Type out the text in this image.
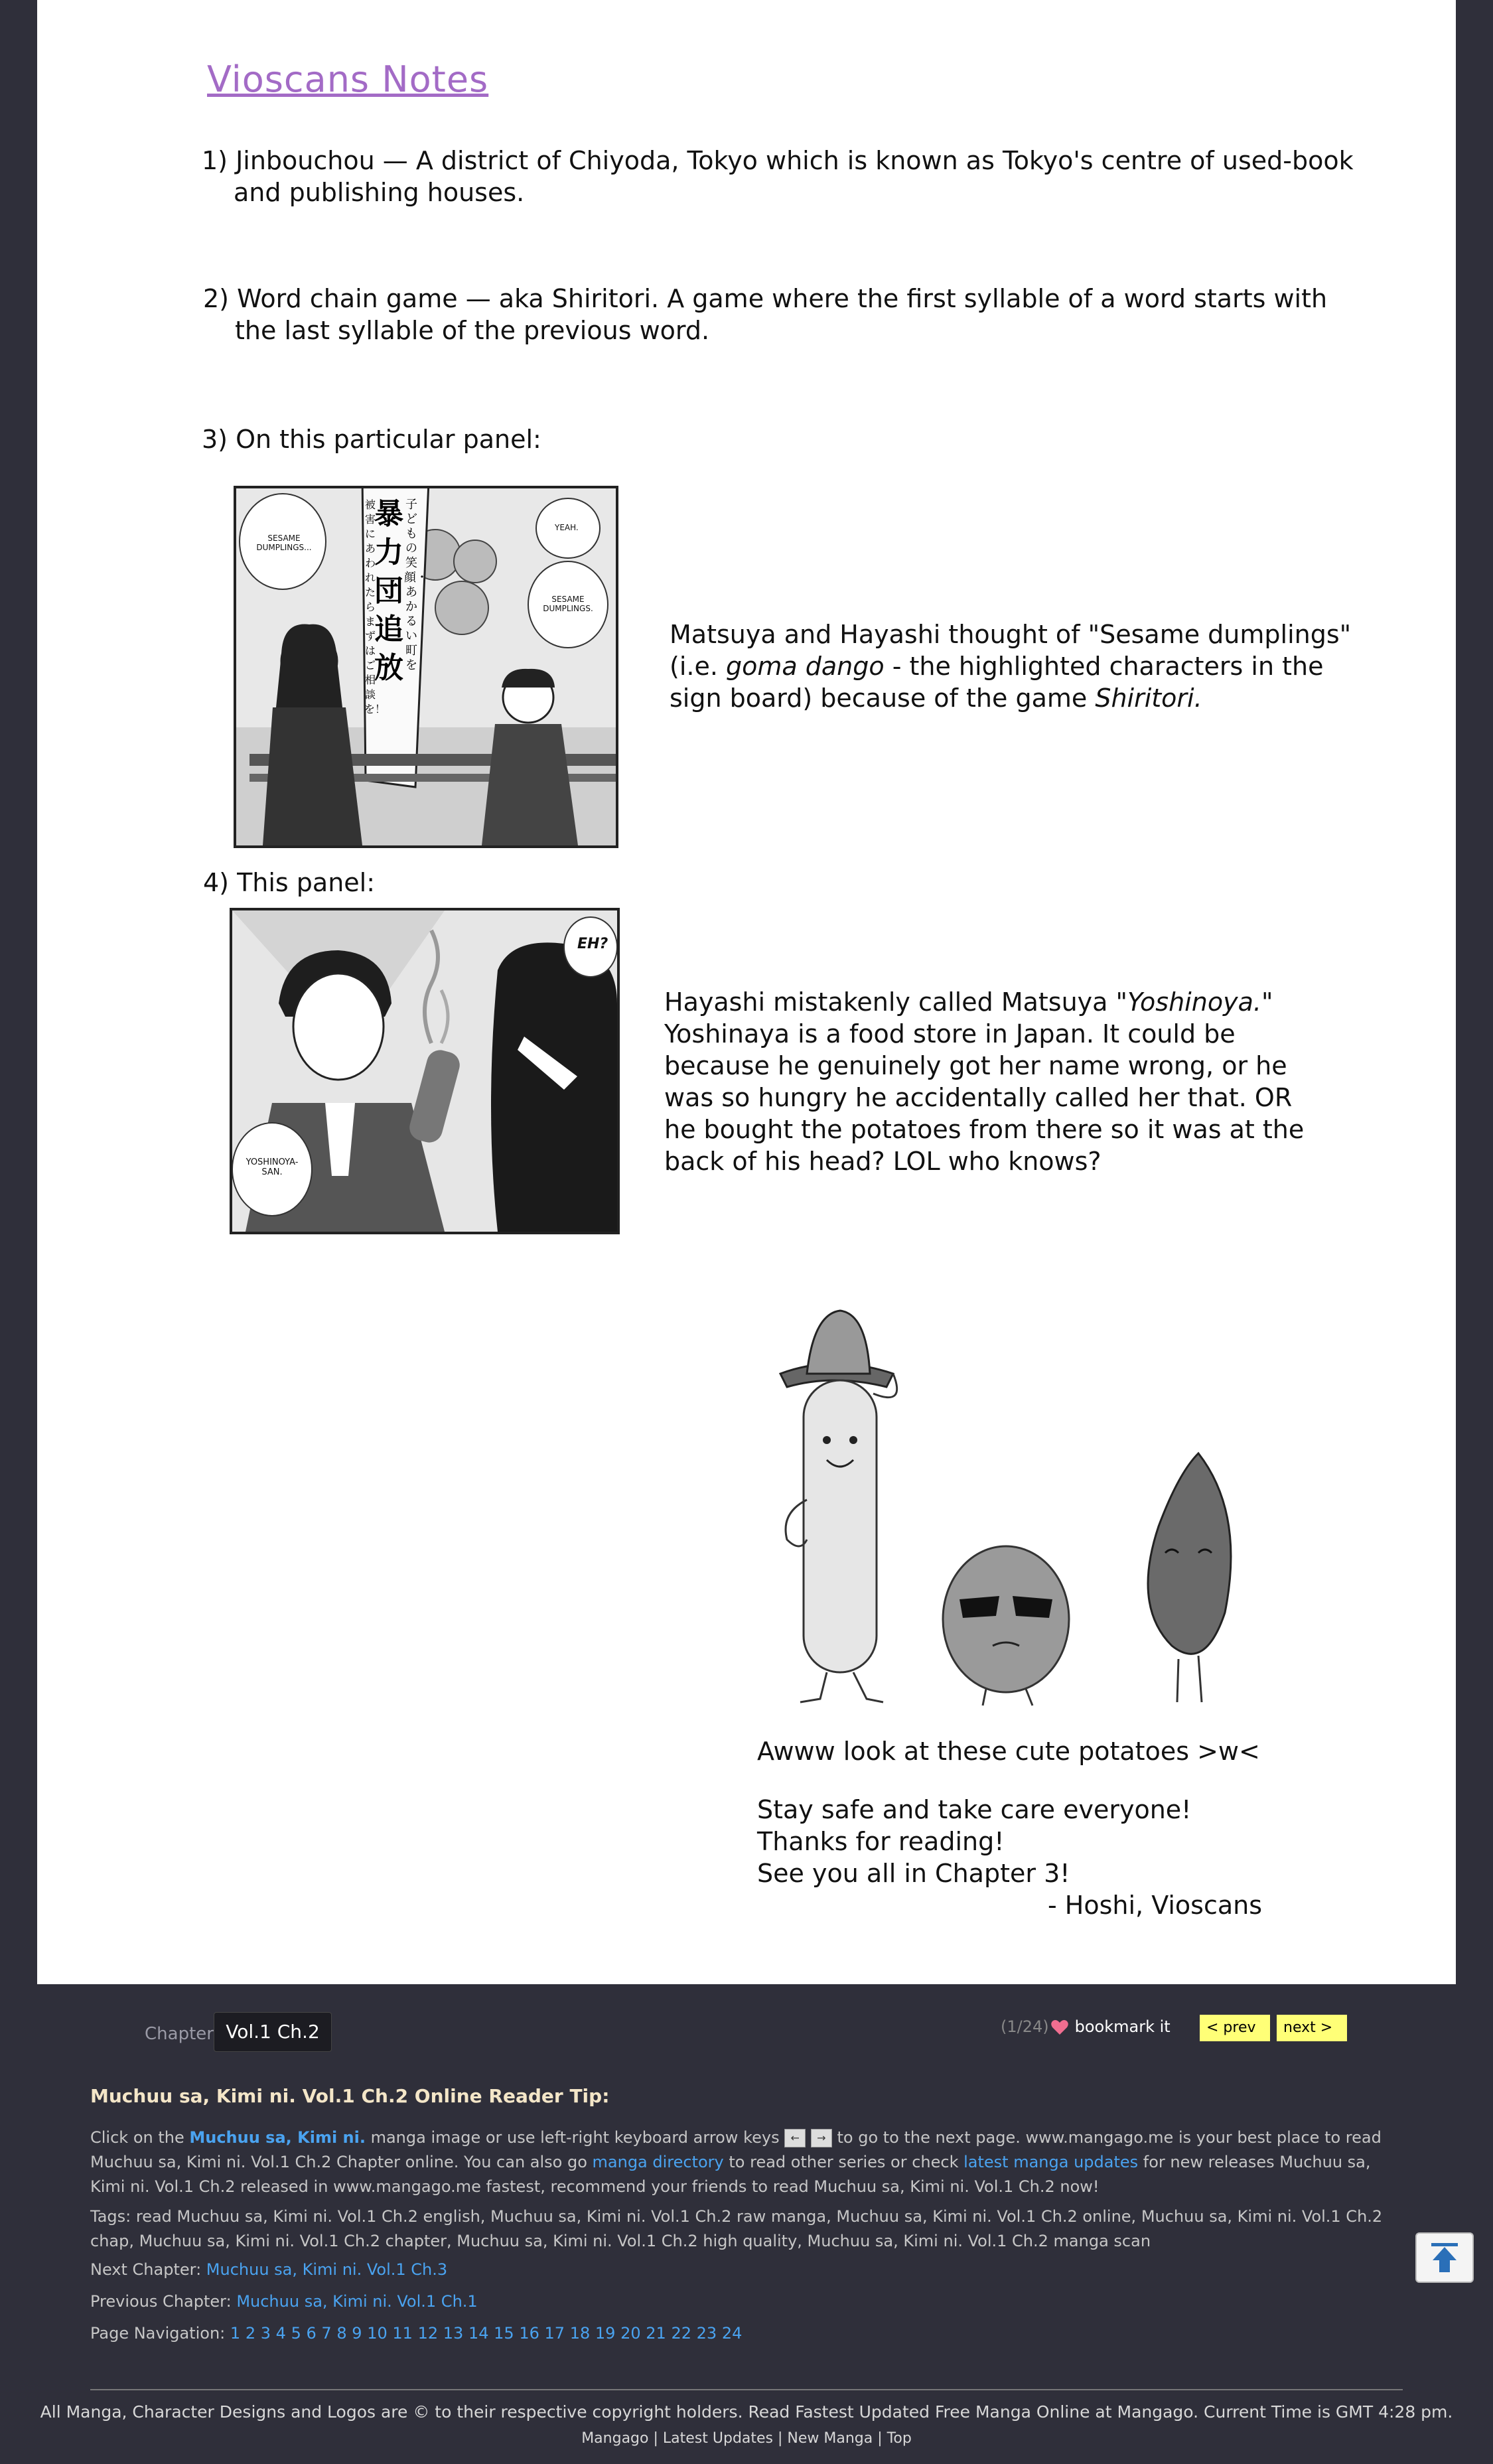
Vioscans Notes
1) Jinbouchou — A district of Chiyoda, Tokyo which is known as Tokyo's centre of used-book
and publishing houses.
2) Word chain game — aka Shiritori. A game where the first syllable of a word starts with
the last syllable of the previous word.
3) On this particular panel:
SESAME DUMPLINGS...
YEAH.
SESAME DUMPLINGS.
暴力団追放
子どもの笑顔・あかるい町を
被害にあわれたらまずはご相談を！
Matsuya and Hayashi thought of "Sesame dumplings"
(i.e. goma dango - the highlighted characters in the
sign board) because of the game Shiritori.
4) This panel:
EH?
YOSHINOYA-SAN.
Hayashi mistakenly called Matsuya "Yoshinoya."
Yoshinaya is a food store in Japan. It could be
because he genuinely got her name wrong, or he
was so hungry he accidentally called her that. OR
he bought the potatoes from there so it was at the
back of his head? LOL who knows?
Awww look at these cute potatoes >w<
Stay safe and take care everyone!
Thanks for reading!
See you all in Chapter 3!
- Hoshi, Vioscans
Chapter Vol.1 Ch.2	(1/24)	bookmark it	< prev	next >
Muchuu sa, Kimi ni. Vol.1 Ch.2 Online Reader Tip:
Click on the Muchuu sa, Kimi ni. manga image or use left-right keyboard arrow keys ← → to go to the next page. www.mangago.me is your best place to read Muchuu sa, Kimi ni. Vol.1 Ch.2 Chapter online. You can also go manga directory to read other series or check latest manga updates for new releases Muchuu sa, Kimi ni. Vol.1 Ch.2 released in www.mangago.me fastest, recommend your friends to read Muchuu sa, Kimi ni. Vol.1 Ch.2 now!
Tags: read Muchuu sa, Kimi ni. Vol.1 Ch.2 english, Muchuu sa, Kimi ni. Vol.1 Ch.2 raw manga, Muchuu sa, Kimi ni. Vol.1 Ch.2 online, Muchuu sa, Kimi ni. Vol.1 Ch.2 chap, Muchuu sa, Kimi ni. Vol.1 Ch.2 chapter, Muchuu sa, Kimi ni. Vol.1 Ch.2 high quality, Muchuu sa, Kimi ni. Vol.1 Ch.2 manga scan
Next Chapter: Muchuu sa, Kimi ni. Vol.1 Ch.3
Previous Chapter: Muchuu sa, Kimi ni. Vol.1 Ch.1
Page Navigation: 1 2 3 4 5 6 7 8 9 10 11 12 13 14 15 16 17 18 19 20 21 22 23 24
All Manga, Character Designs and Logos are © to their respective copyright holders. Read Fastest Updated Free Manga Online at Mangago. Current Time is GMT 4:28 pm.
Mangago | Latest Updates | New Manga | Top
